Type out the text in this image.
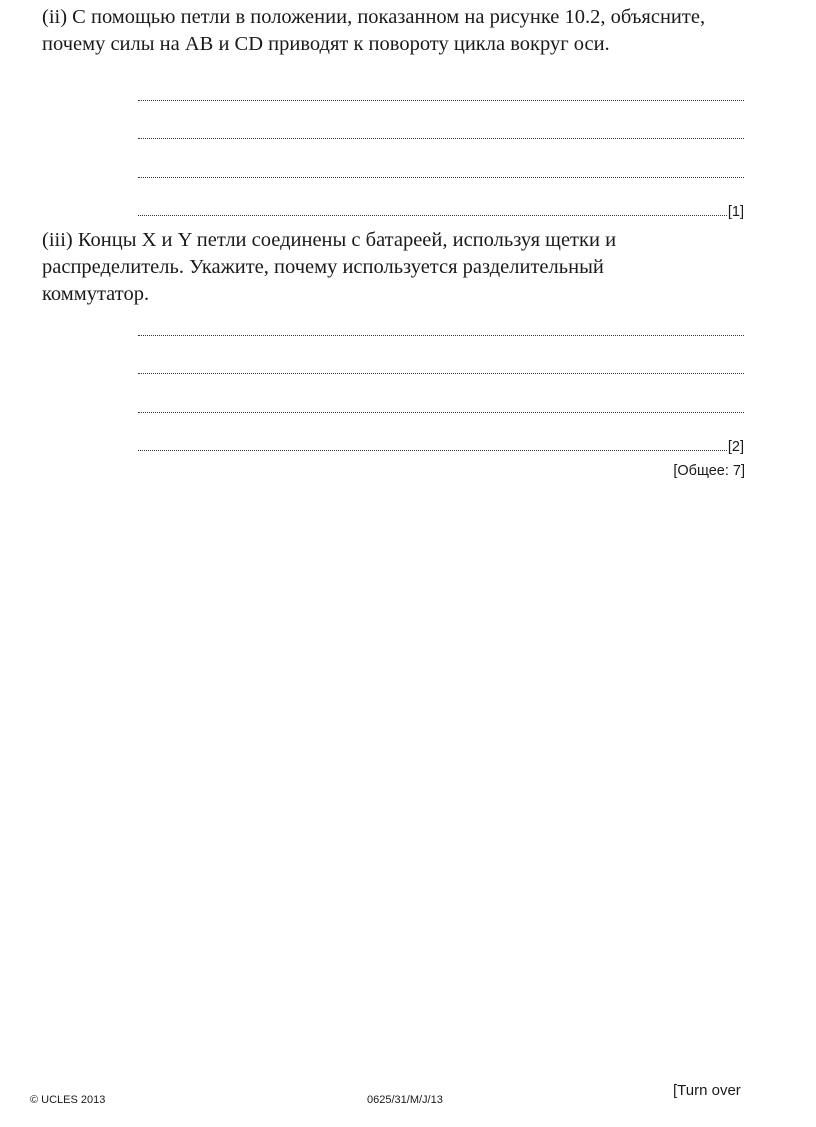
(ii) С помощью петли в положении, показанном на рисунке 10.2, объясните,
почему силы на AB и CD приводят к повороту цикла вокруг оси.

[1]

(iii) Концы X и Y петли соединены с батареей, используя щетки и
распределитель. Укажите, почему используется разделительный
коммутатор.

[2]
[Общее: 7]
© UCLES 2013	0625/31/M/J/13
[Turn over
